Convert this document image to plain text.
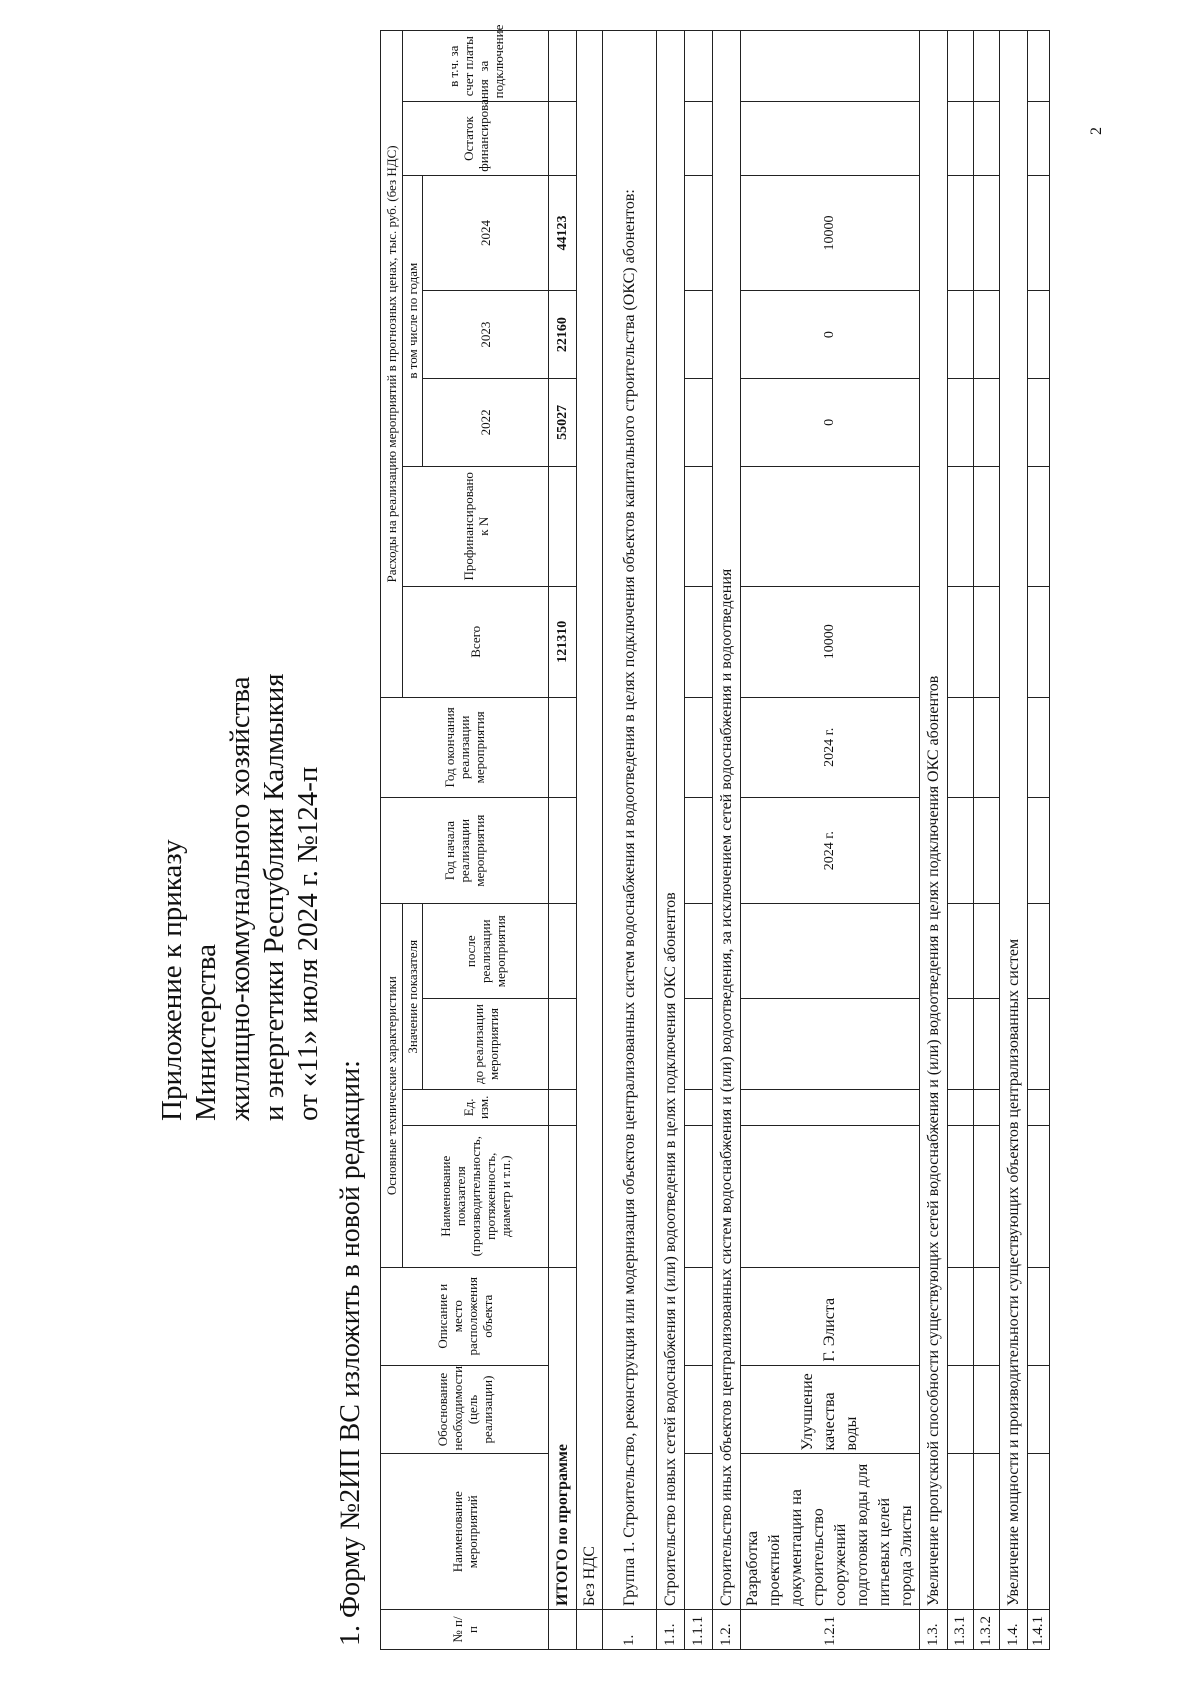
Приложение к приказу Министерства жилищно-коммунального хозяйства и энергетики Республики Калмыкия от «11» июля 2024 г. №124-п
1. Форму №2ИП ВС изложить в новой редакции:	№ п/п	Наименование мероприятий	Обоснование необходимости (цель реализации)	Описание и место расположения объекта	Основные технические характеристики				Год начала реализации мероприятия	Год окончания реализации мероприятия	Расходы на реализацию мероприятий в прогнозных ценах, тыс. руб. (без НДС)						
				Наименование показателя (производительность, протяженность, диаметр и т.п.)	Ед. изм.	Значение показателя				Всего	Профинансировано к N	в том числе по годам			Остаток финансирования	в т.ч. за счет платы за подключение
						до реализации мероприятия	после реализации мероприятия					2022	2023	2024		
	ИТОГО по программе									121310		55027	22160	44123		
	Без НДС															
1.	Группа 1. Строительство, реконструкция или модернизация объектов централизованных систем водоснабжения и водоотведения в целях подключения объектов капитального строительства (ОКС) абонентов:															
1.1.	Строительство новых сетей водоснабжения и (или) водоотведения в целях подключения ОКС абонентов															
1.1.1																
1.2.	Строительство иных объектов централизованных систем водоснабжения и (или) водоотведения, за исключением сетей водоснабжения и водоотведения															
1.2.1	Разработка проектной документации на строительство сооружений подготовки воды для питьевых целей города Элисты	Улучшение качества воды	Г. Элиста					2024 г.	2024 г.	10000		0	0	10000		
1.3.	Увеличение пропускной способности существующих сетей водоснабжения и (или) водоотведения в целях подключения ОКС абонентов															
1.3.1																
1.3.2																
1.4.	Увеличение мощности и производительности существующих объектов централизованных систем															
1.4.1																
2
